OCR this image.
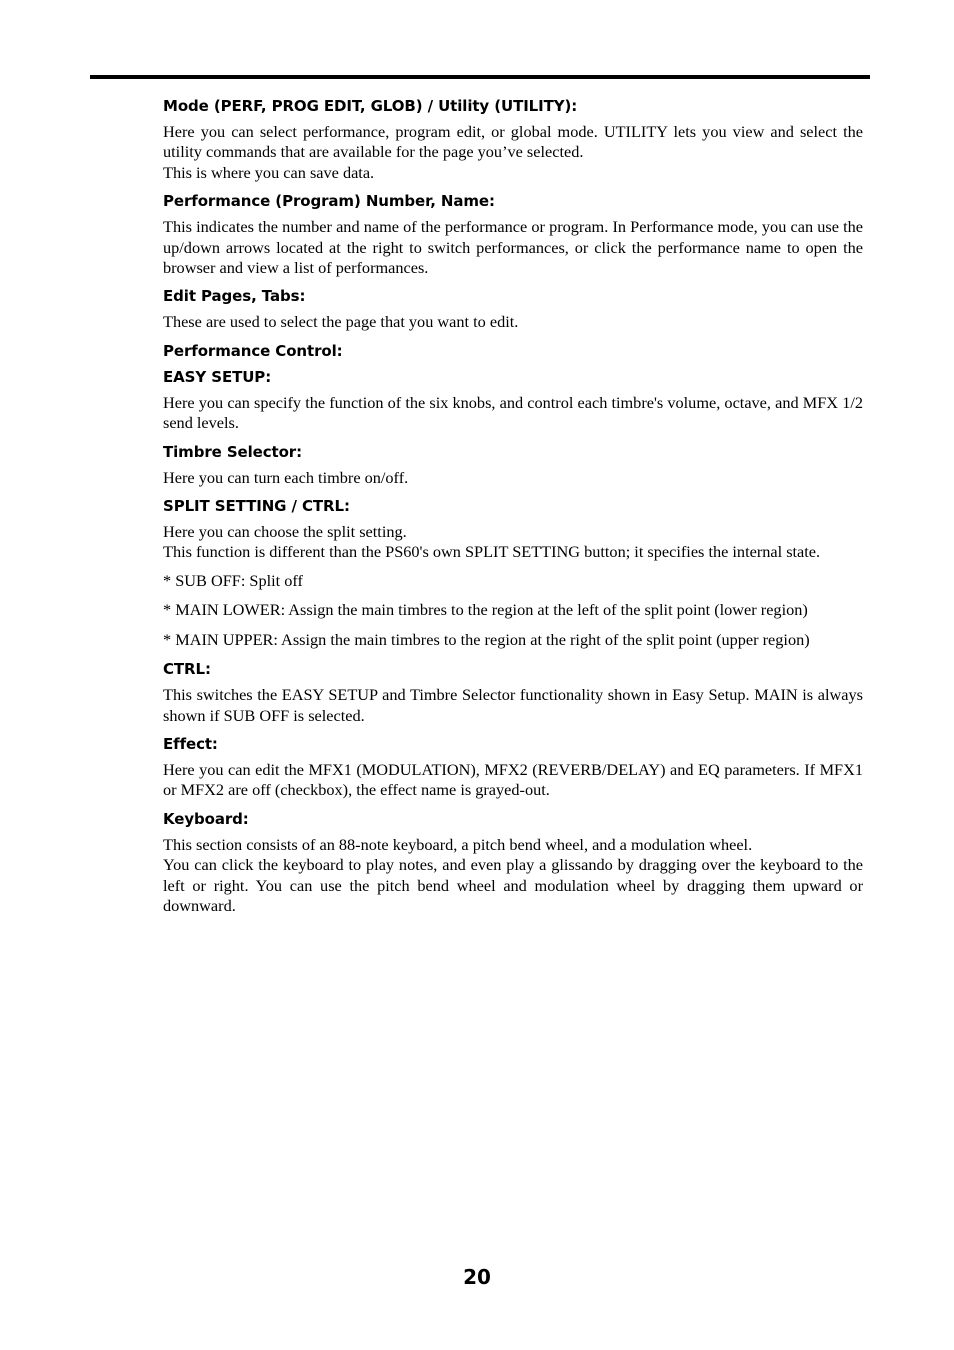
Mode (PERF, PROG EDIT, GLOB) / Utility (UTILITY):
Here you can select performance, program edit, or global mode. UTILITY lets you view and select the utility commands that are available for the page you’ve selected.
This is where you can save data.
Performance (Program) Number, Name:
This indicates the number and name of the performance or program. In Performance mode, you can use the up/down arrows located at the right to switch performances, or click the performance name to open the browser and view a list of performances.
Edit Pages, Tabs:
These are used to select the page that you want to edit.
Performance Control:
EASY SETUP:
Here you can specify the function of the six knobs, and control each timbre's volume, octave, and MFX 1/2 send levels.
Timbre Selector:
Here you can turn each timbre on/off.
SPLIT SETTING / CTRL:
Here you can choose the split setting.
This function is different than the PS60's own SPLIT SETTING button; it specifies the internal state.
* SUB OFF: Split off
* MAIN LOWER: Assign the main timbres to the region at the left of the split point (lower region)
* MAIN UPPER: Assign the main timbres to the region at the right of the split point (upper region)
CTRL:
This switches the EASY SETUP and Timbre Selector functionality shown in Easy Setup. MAIN is always shown if SUB OFF is selected.
Effect:
Here you can edit the MFX1 (MODULATION), MFX2 (REVERB/DELAY) and EQ parameters. If MFX1 or MFX2 are off (checkbox), the effect name is grayed-out.
Keyboard:
This section consists of an 88-note keyboard, a pitch bend wheel, and a modulation wheel.
You can click the keyboard to play notes, and even play a glissando by dragging over the keyboard to the left or right. You can use the pitch bend wheel and modulation wheel by dragging them upward or downward.
20
